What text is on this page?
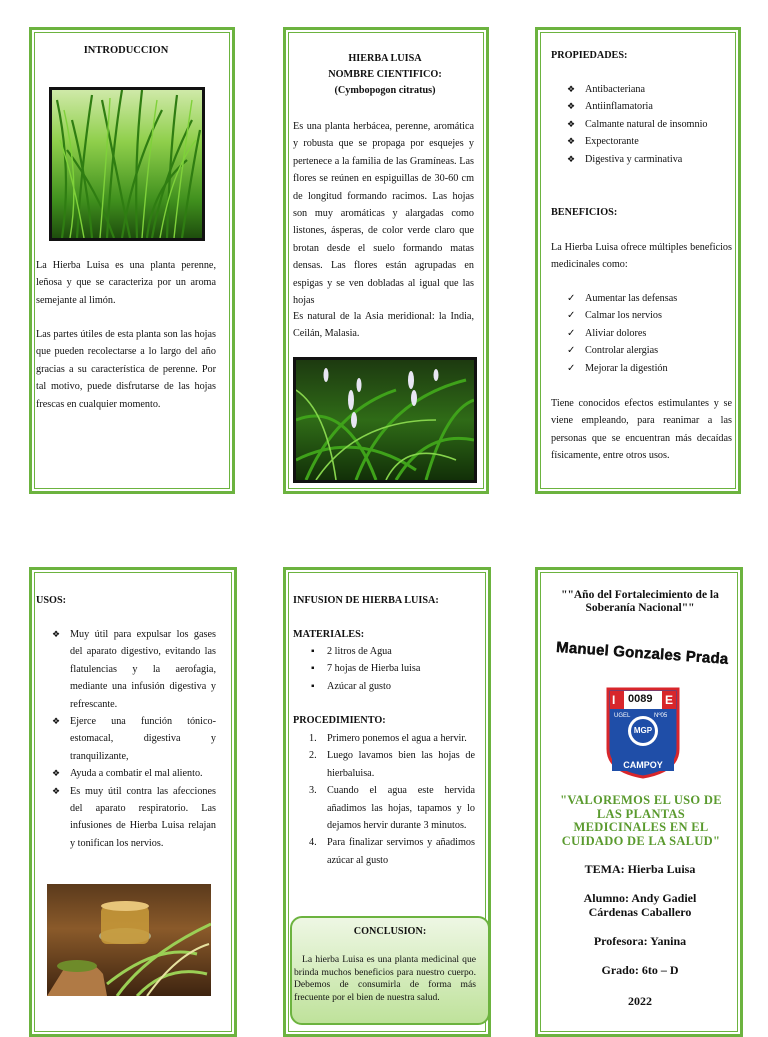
INTRODUCCION
La Hierba Luisa es una planta perenne, leñosa y que se caracteriza por un aroma semejante al limón.
Las partes útiles de esta planta son las hojas que pueden recolectarse a lo largo del año gracias a su característica de perenne. Por tal motivo, puede disfrutarse de las hojas frescas en cualquier momento.
HIERBA LUISA
NOMBRE CIENTIFICO:
(Cymbopogon citratus)
Es una planta herbácea, perenne, aromática y robusta que se propaga por esquejes y pertenece a la familia de las Gramíneas. Las flores se reúnen en espiguillas de 30-60 cm de longitud formando racimos. Las hojas son muy aromáticas y alargadas como listones, ásperas, de color verde claro que brotan desde el suelo formando matas densas. Las flores están agrupadas en espigas y se ven dobladas al igual que las hojas
Es natural de la Asia meridional: la India, Ceilán, Malasia.
PROPIEDADES:
❖ Antibacteriana
❖ Antiinflamatoria
❖ Calmante natural de insomnio
❖ Expectorante
❖ Digestiva y carminativa
BENEFICIOS:
La Hierba Luisa ofrece múltiples beneficios medicinales como:
✓ Aumentar las defensas
✓ Calmar los nervios
✓ Aliviar dolores
✓ Controlar alergias
✓ Mejorar la digestión
Tiene conocidos efectos estimulantes y se viene empleando, para reanimar a las personas que se encuentran más decaídas físicamente, entre otros usos.
USOS:
❖ Muy útil para expulsar los gases del aparato digestivo, evitando las flatulencias y la aerofagia, mediante una infusión digestiva y refrescante.
❖ Ejerce una función tónico-estomacal, digestiva y tranquilizante,
❖ Ayuda a combatir el mal aliento.
❖ Es muy útil contra las afecciones del aparato respiratorio. Las infusiones de Hierba Luisa relajan y tonifican los nervios.
INFUSION DE HIERBA LUISA:
MATERIALES:
▪ 2 litros de Agua
▪ 7 hojas de Hierba luisa
▪ Azúcar al gusto
PROCEDIMIENTO:
1. Primero ponemos el agua a hervir.
2. Luego lavamos bien las hojas de hierbaluisa.
3. Cuando el agua este hervida añadimos las hojas, tapamos y lo dejamos hervir durante 3 minutos.
4. Para finalizar servimos y añadimos azúcar al gusto
CONCLUSION:
La hierba Luisa es una planta medicinal que brinda muchos beneficios para nuestro cuerpo. Debemos de consumirla de forma más frecuente por el bien de nuestra salud.
""Año del Fortalecimiento de la Soberanía Nacional""
Manuel Gonzales Prada
I 0089 E
UGEL	Nº05
MGP
CAMPOY
"VALOREMOS EL USO DE LAS PLANTAS MEDICINALES EN EL CUIDADO DE LA SALUD"
TEMA: Hierba Luisa
Alumno: Andy Gadiel Cárdenas Caballero
Profesora: Yanina
Grado: 6to – D
2022
